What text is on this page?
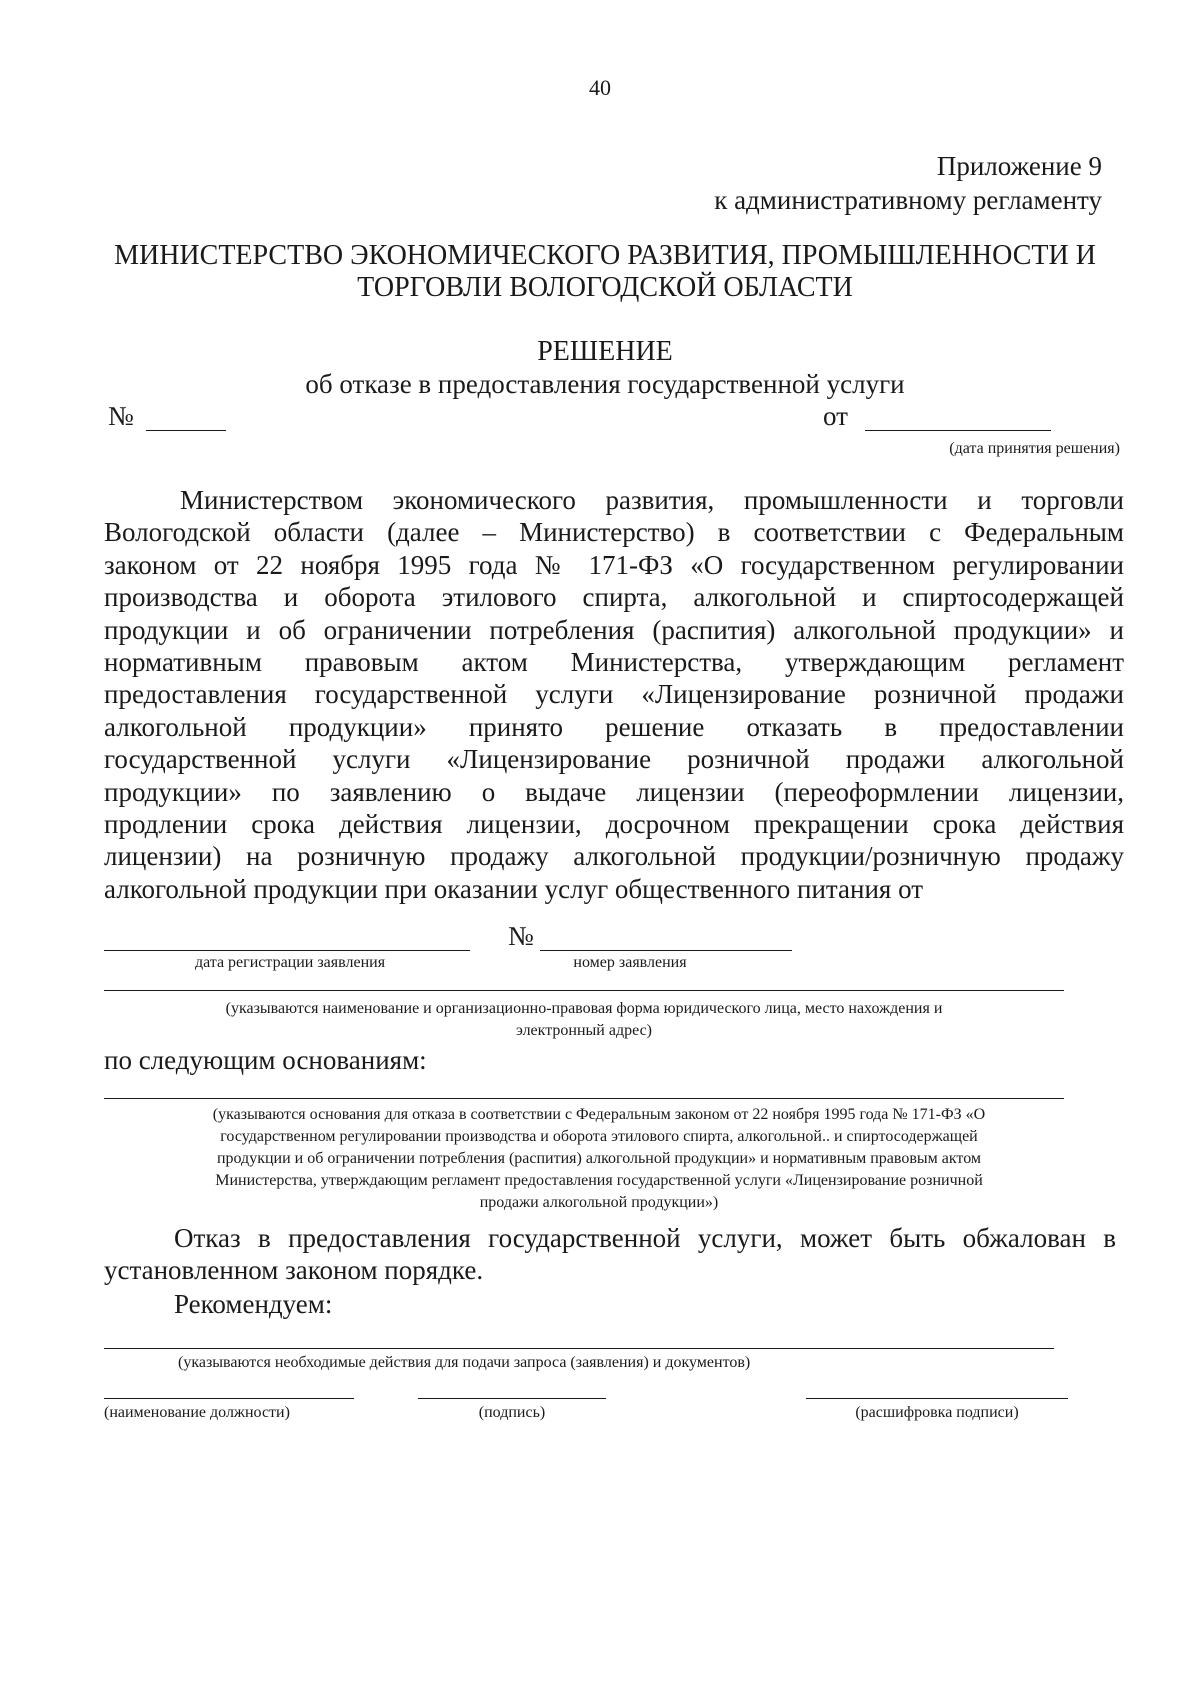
40
Приложение 9
к административному регламенту
МИНИСТЕРСТВО ЭКОНОМИЧЕСКОГО РАЗВИТИЯ, ПРОМЫШЛЕННОСТИ И
ТОРГОВЛИ ВОЛОГОДСКОЙ ОБЛАСТИ
РЕШЕНИЕ
об отказе в предоставления государственной услуги
№	от
(дата принятия решения)
Министерством экономического развития, промышленности и торговли
Вологодской области (далее – Министерство) в соответствии с Федеральным
законом от 22 ноября 1995 года № 171-ФЗ «О государственном регулировании
производства и оборота этилового спирта, алкогольной и спиртосодержащей
продукции и об ограничении потребления (распития) алкогольной продукции» и
нормативным правовым актом Министерства, утверждающим регламент
предоставления государственной услуги «Лицензирование розничной продажи
алкогольной продукции» принято решение отказать в предоставлении
государственной услуги «Лицензирование розничной продажи алкогольной
продукции» по заявлению о выдаче лицензии (переоформлении лицензии,
продлении срока действия лицензии, досрочном прекращении срока действия
лицензии) на розничную продажу алкогольной продукции/розничную продажу
алкогольной продукции при оказании услуг общественного питания от
№
дата регистрации заявления	номер заявления
(указываются наименование и организационно-правовая форма юридического лица, место нахождения и
электронный адрес)
по следующим основаниям:
(указываются основания для отказа в соответствии с Федеральным законом от 22 ноября 1995 года № 171-ФЗ «О
государственном регулировании производства и оборота этилового спирта, алкогольной.. и спиртосодержащей
продукции и об ограничении потребления (распития) алкогольной продукции» и нормативным правовым актом
Министерства, утверждающим регламент предоставления государственной услуги «Лицензирование розничной
продажи алкогольной продукции»)
Отказ в предоставления государственной услуги, может быть обжалован в
установленном законом порядке.
Рекомендуем:
(указываются необходимые действия для подачи запроса (заявления) и документов)
(наименование должности)	(подпись)	(расшифровка подписи)
